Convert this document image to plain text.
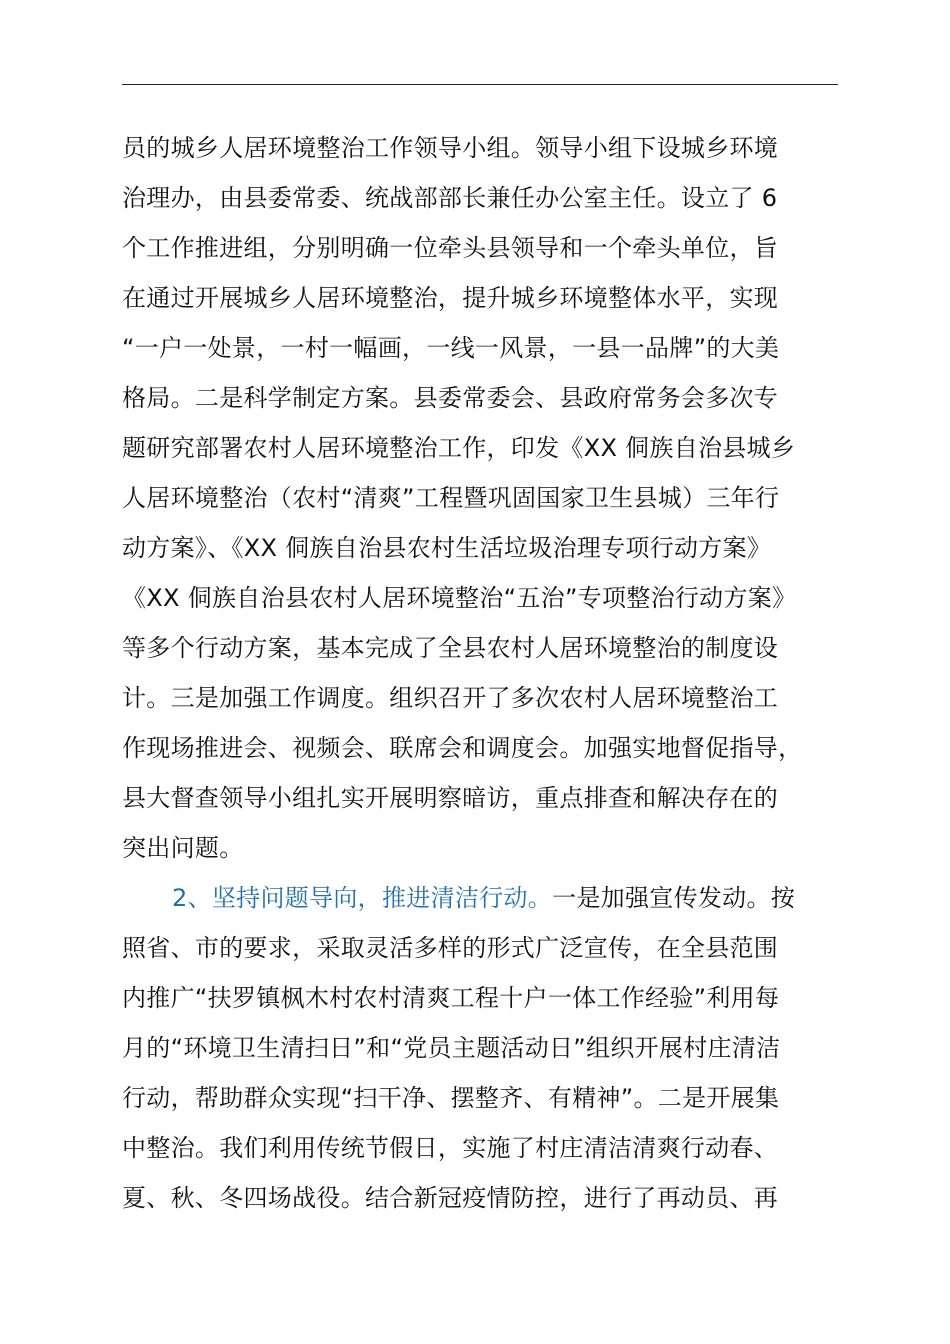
员的城乡人居环境整治工作领导小组。领导小组下设城乡环境
治理办，由县委常委、统战部部长兼任办公室主任。设立了 6
个工作推进组，分别明确一位牵头县领导和一个牵头单位，旨
在通过开展城乡人居环境整治，提升城乡环境整体水平，实现
“一户一处景，一村一幅画，一线一风景，一县一品牌”的大美
格局。二是科学制定方案。县委常委会、县政府常务会多次专
题研究部署农村人居环境整治工作，印发《XX 侗族自治县城乡
人居环境整治（农村“清爽”工程暨巩固国家卫生县城）三年行
动方案》、《XX 侗族自治县农村生活垃圾治理专项行动方案》
《XX 侗族自治县农村人居环境整治“五治”专项整治行动方案》
等多个行动方案，基本完成了全县农村人居环境整治的制度设
计。三是加强工作调度。组织召开了多次农村人居环境整治工
作现场推进会、视频会、联席会和调度会。加强实地督促指导，
县大督查领导小组扎实开展明察暗访，重点排查和解决存在的
突出问题。
2、坚持问题导向，推进清洁行动。一是加强宣传发动。按
照省、市的要求，采取灵活多样的形式广泛宣传，在全县范围
内推广“扶罗镇枫木村农村清爽工程十户一体工作经验”利用每
月的“环境卫生清扫日”和“党员主题活动日”组织开展村庄清洁
行动，帮助群众实现“扫干净、摆整齐、有精神”。二是开展集
中整治。我们利用传统节假日，实施了村庄清洁清爽行动春、
夏、秋、冬四场战役。结合新冠疫情防控，进行了再动员、再
